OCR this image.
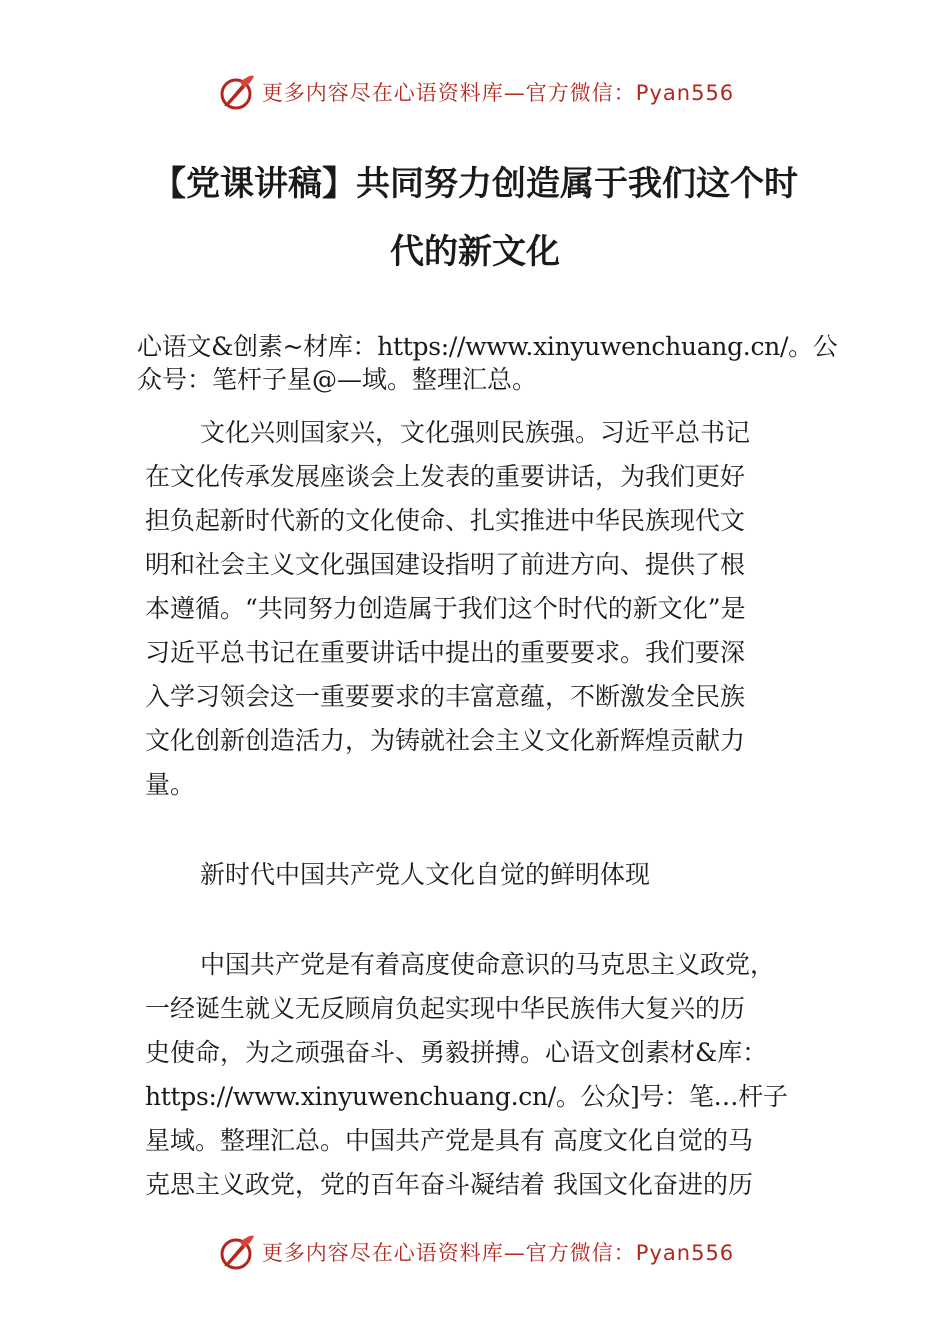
更多内容尽在心语资料库—官方微信：Pyan556
【党课讲稿】共同努力创造属于我们这个时
代的新文化
心语文&创素~材库：https://www.xinyuwenchuang.cn/。公
众号：笔杆子星@—域。整理汇总。
文化兴则国家兴，文化强则民族强。习近平总书记
在文化传承发展座谈会上发表的重要讲话，为我们更好
担负起新时代新的文化使命、扎实推进中华民族现代文
明和社会主义文化强国建设指明了前进方向、提供了根
本遵循。“共同努力创造属于我们这个时代的新文化”是
习近平总书记在重要讲话中提出的重要要求。我们要深
入学习领会这一重要要求的丰富意蕴，不断激发全民族
文化创新创造活力，为铸就社会主义文化新辉煌贡献力
量。
新时代中国共产党人文化自觉的鲜明体现
中国共产党是有着高度使命意识的马克思主义政党，
一经诞生就义无反顾肩负起实现中华民族伟大复兴的历
史使命，为之顽强奋斗、勇毅拼搏。心语文创素材&库：
https://www.xinyuwenchuang.cn/。公众]号：笔…杆子
星域。整理汇总。中国共产党是具有 高度文化自觉的马
克思主义政党，党的百年奋斗凝结着 我国文化奋进的历
更多内容尽在心语资料库—官方微信：Pyan556
